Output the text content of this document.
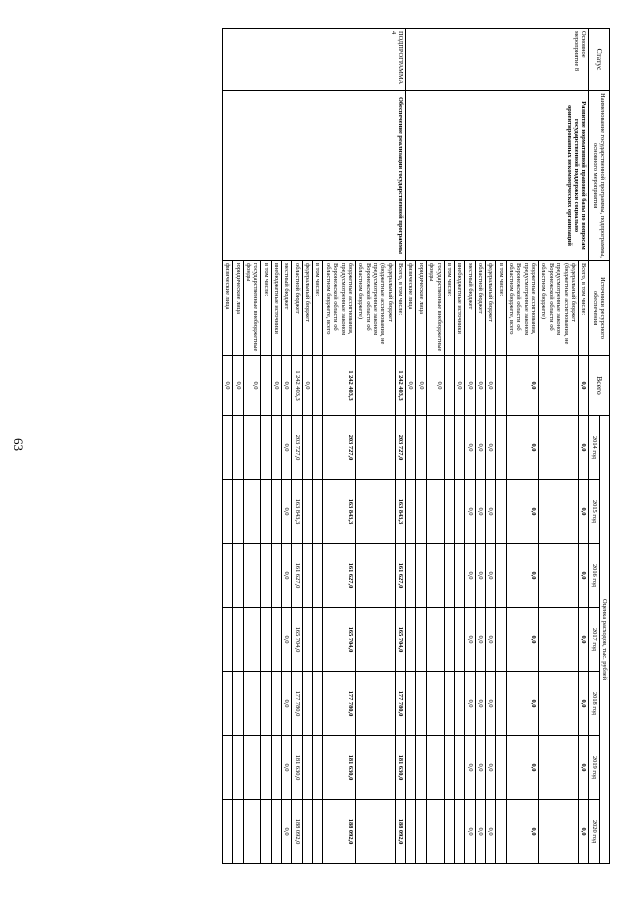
63
Статус	Наименование государственной программы, подпрограммы, основного мероприятия	Источники ресурсного обеспечения	Всего	Оценка расходов, тыс. рублей						
				2014 год	2015 год	2016 год	2017 год	2018 год	2019 год	2020 год
Основное мероприятие 8	Развитие нормативной правовой базы по вопросам государственной поддержки социально ориентированных некоммерческих организаций	Всего, в том числе:	0,0	0,0	0,0	0,0	0,0	0,0	0,0	0,0
		федеральный бюджет (бюджетные ассигнования, не предусмотренные законом Воронежской области об областном бюджете)								
		бюджетные ассигнования, предусмотренные законом Воронежской области об областном бюджете, всего	0,0	0,0	0,0	0,0	0,0	0,0	0,0	0,0
		в том числе:								
		федеральный бюджет	0,0	0,0	0,0	0,0	0,0	0,0	0,0	0,0
		областной бюджет	0,0	0,0	0,0	0,0	0,0	0,0	0,0	0,0
		местный бюджет	0,0	0,0	0,0	0,0	0,0	0,0	0,0	0,0
		внебюджетные источники	0,0							
		в том числе:								
		государственные внебюджетные фонды	0,0							
		юридические лица	0,0							
		физические лица	0,0							
ПОДПРОГРАММА 4	Обеспечение реализации государственной программы	Всего, в том числе:	1 242 403,3	203 727,0	163 843,3	161 627,0	165 704,0	177 780,0	181 630,0	188 092,0
		федеральный бюджет (бюджетные ассигнования, не предусмотренные законом Воронежской области об областном бюджете)								
		бюджетные ассигнования, предусмотренные законом Воронежской области об областном бюджете, всего	1 242 403,3	203 727,0	163 843,3	161 627,0	165 704,0	177 780,0	181 630,0	188 092,0
		в том числе:								
		федеральный бюджет	0,0							
		областной бюджет	1 242 403,3	203 727,0	163 843,3	161 627,0	165 704,0	177 780,0	181 630,0	188 092,0
		местный бюджет	0,0	0,0	0,0	0,0	0,0	0,0	0,0	0,0
		внебюджетные источники	0,0							
		в том числе:								
		государственные внебюджетные фонды	0,0							
		юридические лица	0,0							
		физические лица	0,0							
